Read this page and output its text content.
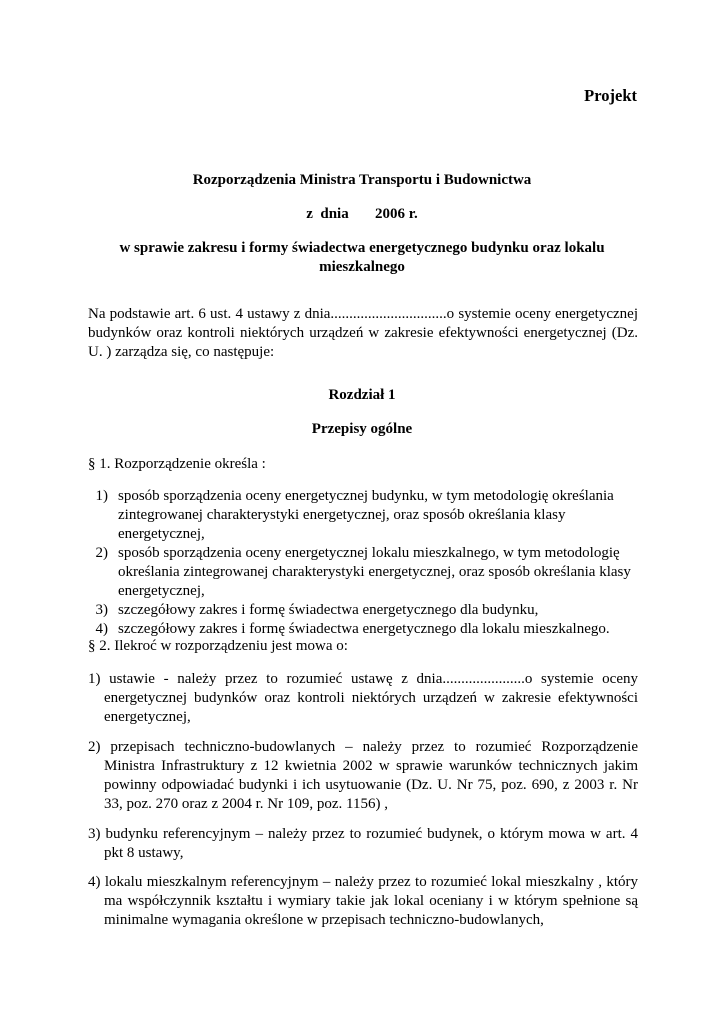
Projekt
Rozporządzenia Ministra Transportu i Budownictwa
z  dnia       2006 r.
w sprawie zakresu i formy świadectwa energetycznego budynku oraz lokalu mieszkalnego
Na podstawie art. 6 ust. 4 ustawy z dnia...............................o systemie oceny energetycznej budynków oraz kontroli niektórych urządzeń w zakresie efektywności energetycznej (Dz. U. ) zarządza się, co następuje:
Rozdział 1
Przepisy ogólne
§ 1. Rozporządzenie określa :
1) sposób sporządzenia oceny energetycznej budynku, w tym metodologię określania zintegrowanej charakterystyki energetycznej, oraz sposób określania klasy energetycznej,
2) sposób sporządzenia oceny energetycznej lokalu mieszkalnego, w tym metodologię określania zintegrowanej charakterystyki energetycznej, oraz sposób określania klasy energetycznej,
3) szczegółowy zakres i formę świadectwa energetycznego dla budynku,
4) szczegółowy zakres i formę świadectwa energetycznego dla lokalu mieszkalnego.
§ 2. Ilekroć w rozporządzeniu jest mowa o:
1) ustawie - należy przez to rozumieć ustawę z dnia......................o systemie oceny energetycznej budynków oraz kontroli niektórych urządzeń w zakresie efektywności energetycznej,
2) przepisach techniczno-budowlanych – należy przez to rozumieć Rozporządzenie Ministra Infrastruktury z 12 kwietnia 2002 w sprawie warunków technicznych jakim powinny odpowiadać budynki i ich usytuowanie (Dz. U. Nr 75, poz. 690, z 2003 r. Nr 33, poz. 270 oraz z 2004 r. Nr 109, poz. 1156) ,
3) budynku referencyjnym – należy przez to rozumieć budynek, o którym mowa w art. 4 pkt 8 ustawy,
4) lokalu mieszkalnym referencyjnym – należy przez to rozumieć lokal mieszkalny , który ma współczynnik kształtu i wymiary takie jak lokal oceniany i w którym spełnione są minimalne wymagania określone w przepisach techniczno-budowlanych,
